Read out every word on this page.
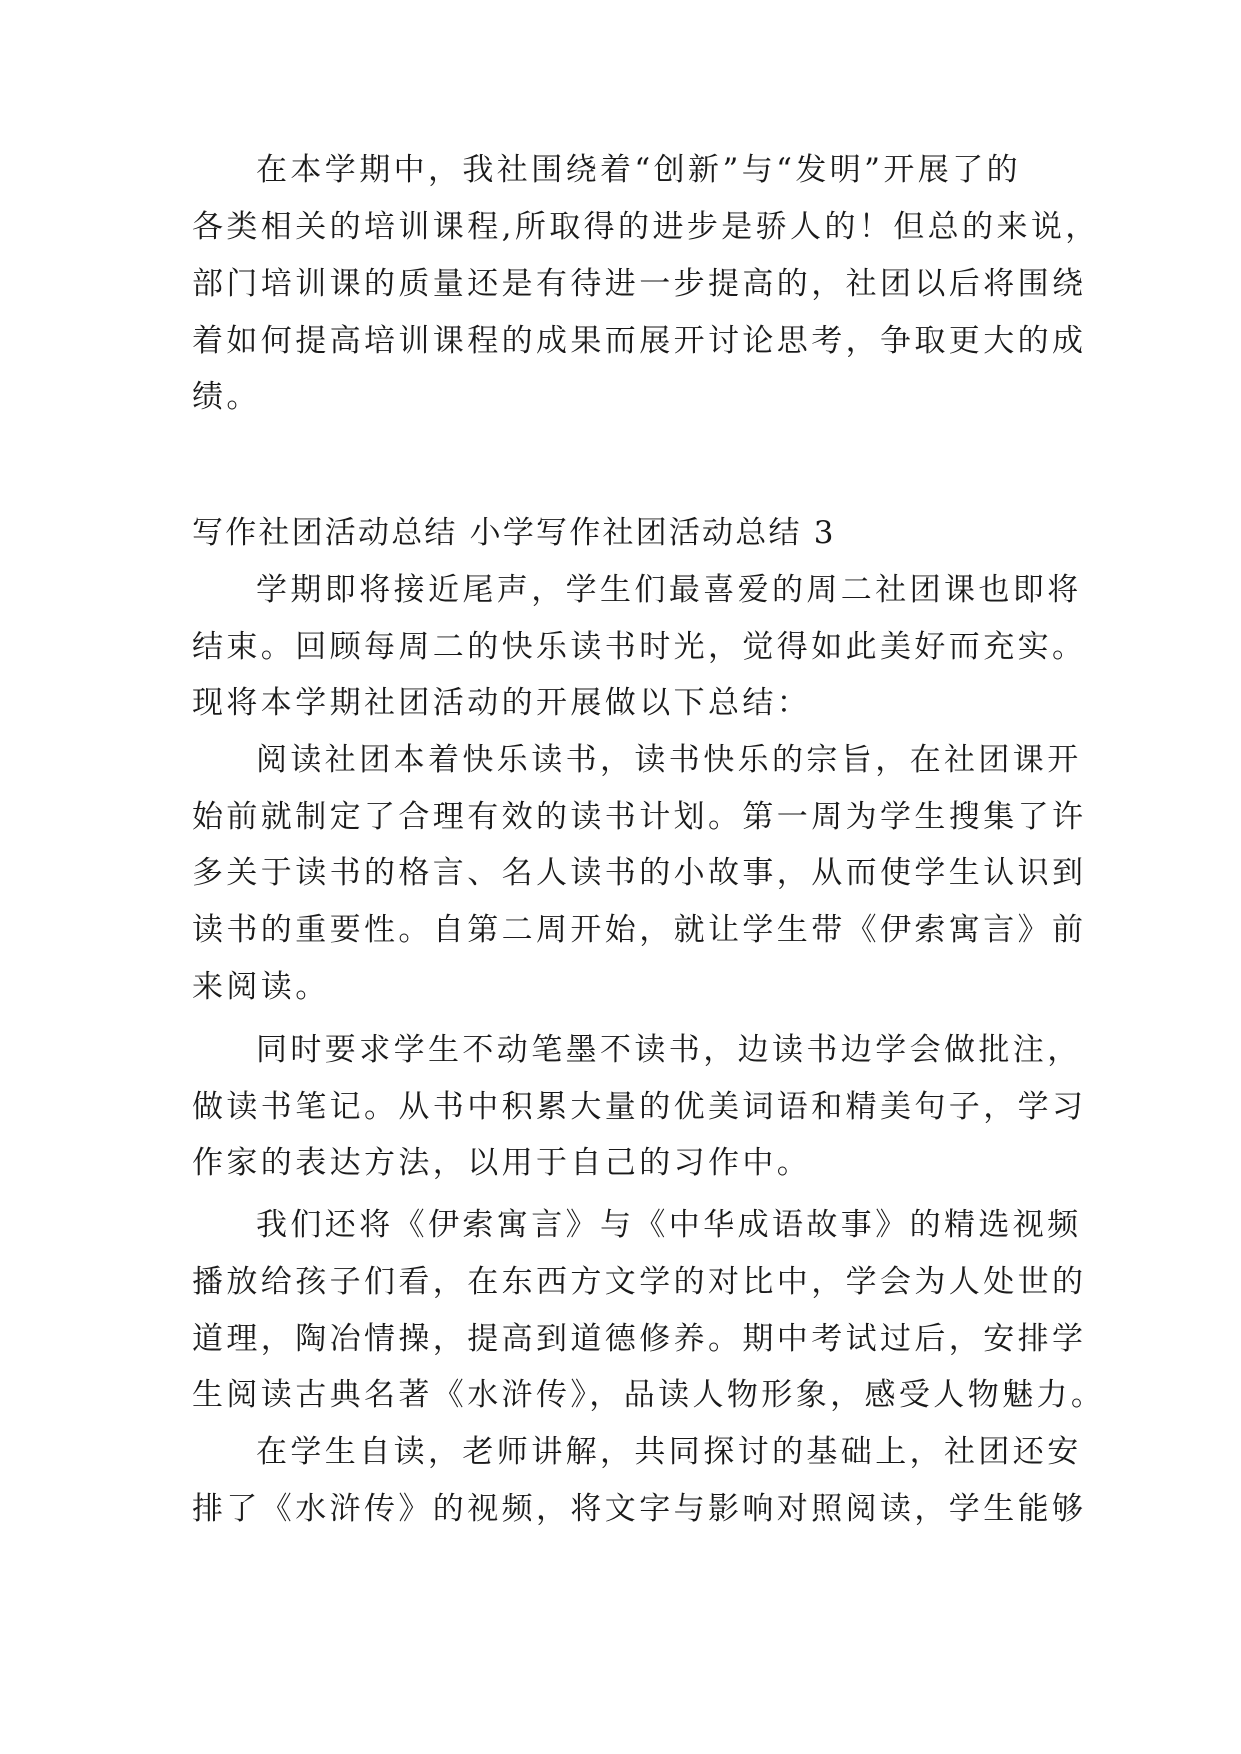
在本学期中，我社围绕着“创新”与“发明”开展了的
各类相关的培训课程,所取得的进步是骄人的！但总的来说，
部门培训课的质量还是有待进一步提高的，社团以后将围绕
着如何提高培训课程的成果而展开讨论思考，争取更大的成
绩。
写作社团活动总结 小学写作社团活动总结 3
学期即将接近尾声，学生们最喜爱的周二社团课也即将
结束。回顾每周二的快乐读书时光，觉得如此美好而充实。
现将本学期社团活动的开展做以下总结：
阅读社团本着快乐读书，读书快乐的宗旨，在社团课开
始前就制定了合理有效的读书计划。第一周为学生搜集了许
多关于读书的格言、名人读书的小故事，从而使学生认识到
读书的重要性。自第二周开始，就让学生带《伊索寓言》前
来阅读。
同时要求学生不动笔墨不读书，边读书边学会做批注，
做读书笔记。从书中积累大量的优美词语和精美句子，学习
作家的表达方法，以用于自己的习作中。
我们还将《伊索寓言》与《中华成语故事》的精选视频
播放给孩子们看，在东西方文学的对比中，学会为人处世的
道理，陶冶情操，提高到道德修养。期中考试过后，安排学
生阅读古典名著《水浒传》，品读人物形象，感受人物魅力。
在学生自读，老师讲解，共同探讨的基础上，社团还安
排了《水浒传》的视频，将文字与影响对照阅读，学生能够
